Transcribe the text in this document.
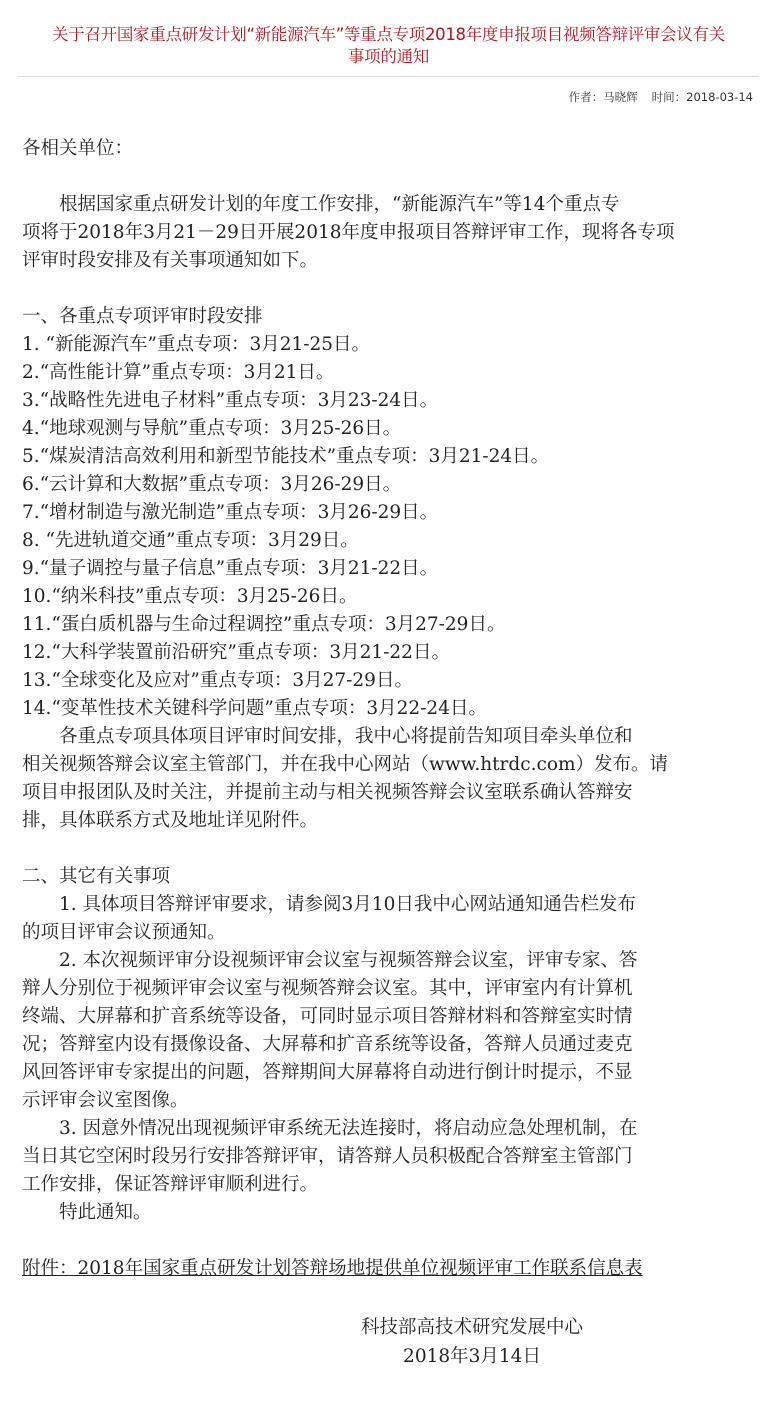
关于召开国家重点研发计划“新能源汽车”等重点专项2018年度申报项目视频答辩评审会议有关
事项的通知
作者：马晓辉 时间：2018-03-14
各相关单位：
根据国家重点研发计划的年度工作安排，“新能源汽车”等14个重点专
项将于2018年3月21－29日开展2018年度申报项目答辩评审工作，现将各专项
评审时段安排及有关事项通知如下。
一、各重点专项评审时段安排
1. “新能源汽车”重点专项：3月21-25日。
2.“高性能计算”重点专项：3月21日。
3.“战略性先进电子材料”重点专项：3月23-24日。
4.“地球观测与导航”重点专项：3月25-26日。
5.“煤炭清洁高效利用和新型节能技术”重点专项：3月21-24日。
6.“云计算和大数据”重点专项：3月26-29日。
7.“增材制造与激光制造”重点专项：3月26-29日。
8. “先进轨道交通”重点专项：3月29日。
9.“量子调控与量子信息”重点专项：3月21-22日。
10.“纳米科技”重点专项：3月25-26日。
11.“蛋白质机器与生命过程调控”重点专项：3月27-29日。
12.“大科学装置前沿研究”重点专项：3月21-22日。
13.“全球变化及应对”重点专项：3月27-29日。
14.“变革性技术关键科学问题”重点专项：3月22-24日。
各重点专项具体项目评审时间安排，我中心将提前告知项目牵头单位和
相关视频答辩会议室主管部门，并在我中心网站（www.htrdc.com）发布。请
项目申报团队及时关注，并提前主动与相关视频答辩会议室联系确认答辩安
排，具体联系方式及地址详见附件。
二、其它有关事项
1. 具体项目答辩评审要求，请参阅3月10日我中心网站通知通告栏发布
的项目评审会议预通知。
2. 本次视频评审分设视频评审会议室与视频答辩会议室，评审专家、答
辩人分别位于视频评审会议室与视频答辩会议室。其中，评审室内有计算机
终端、大屏幕和扩音系统等设备，可同时显示项目答辩材料和答辩室实时情
况；答辩室内设有摄像设备、大屏幕和扩音系统等设备，答辩人员通过麦克
风回答评审专家提出的问题，答辩期间大屏幕将自动进行倒计时提示，不显
示评审会议室图像。
3. 因意外情况出现视频评审系统无法连接时，将启动应急处理机制，在
当日其它空闲时段另行安排答辩评审，请答辩人员积极配合答辩室主管部门
工作安排，保证答辩评审顺利进行。
特此通知。
附件：2018年国家重点研发计划答辩场地提供单位视频评审工作联系信息表
科技部高技术研究发展中心
2018年3月14日
